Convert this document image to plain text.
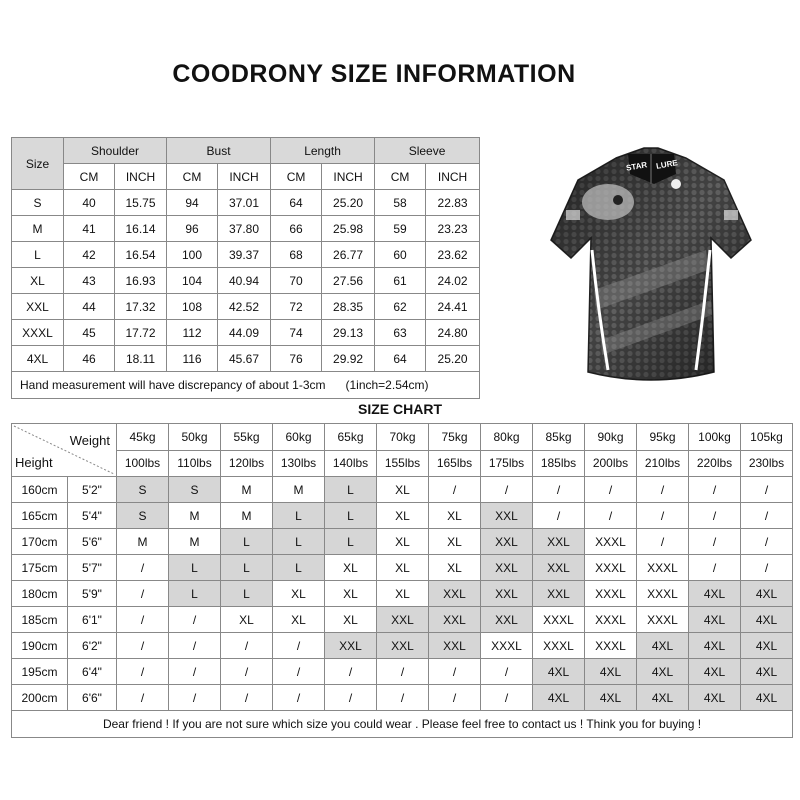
COODRONY SIZE INFORMATION
Size	Shoulder		Bust		Length		Sleeve	
	CM	INCH	CM	INCH	CM	INCH	CM	INCH
S	40	15.75	94	37.01	64	25.20	58	22.83
M	41	16.14	96	37.80	66	25.98	59	23.23
L	42	16.54	100	39.37	68	26.77	60	23.62
XL	43	16.93	104	40.94	70	27.56	61	24.02
XXL	44	17.32	108	42.52	72	28.35	62	24.41
XXXL	45	17.72	112	44.09	74	29.13	63	24.80
4XL	46	18.11	116	45.67	76	29.92	64	25.20
Hand measurement will have discrepancy of about 1-3cm      (1inch=2.54cm)								
STAR LURE
SIZE CHART
Weight
Height		45kg	50kg	55kg	60kg	65kg	70kg	75kg	80kg	85kg	90kg	95kg	100kg	105kg
		100lbs	110lbs	120lbs	130lbs	140lbs	155lbs	165lbs	175lbs	185lbs	200lbs	210lbs	220lbs	230lbs
160cm	5'2"	S	S	M	M	L	XL	/	/	/	/	/	/	/
165cm	5'4"	S	M	M	L	L	XL	XL	XXL	/	/	/	/	/
170cm	5'6"	M	M	L	L	L	XL	XL	XXL	XXL	XXXL	/	/	/
175cm	5'7"	/	L	L	L	XL	XL	XL	XXL	XXL	XXXL	XXXL	/	/
180cm	5'9"	/	L	L	XL	XL	XL	XXL	XXL	XXL	XXXL	XXXL	4XL	4XL
185cm	6'1"	/	/	XL	XL	XL	XXL	XXL	XXL	XXXL	XXXL	XXXL	4XL	4XL
190cm	6'2"	/	/	/	/	XXL	XXL	XXL	XXXL	XXXL	XXXL	4XL	4XL	4XL
195cm	6'4"	/	/	/	/	/	/	/	/	4XL	4XL	4XL	4XL	4XL
200cm	6'6"	/	/	/	/	/	/	/	/	4XL	4XL	4XL	4XL	4XL
Dear friend ! If you are not sure which size you could wear . Please feel free to contact us ! Think you for buying !														
